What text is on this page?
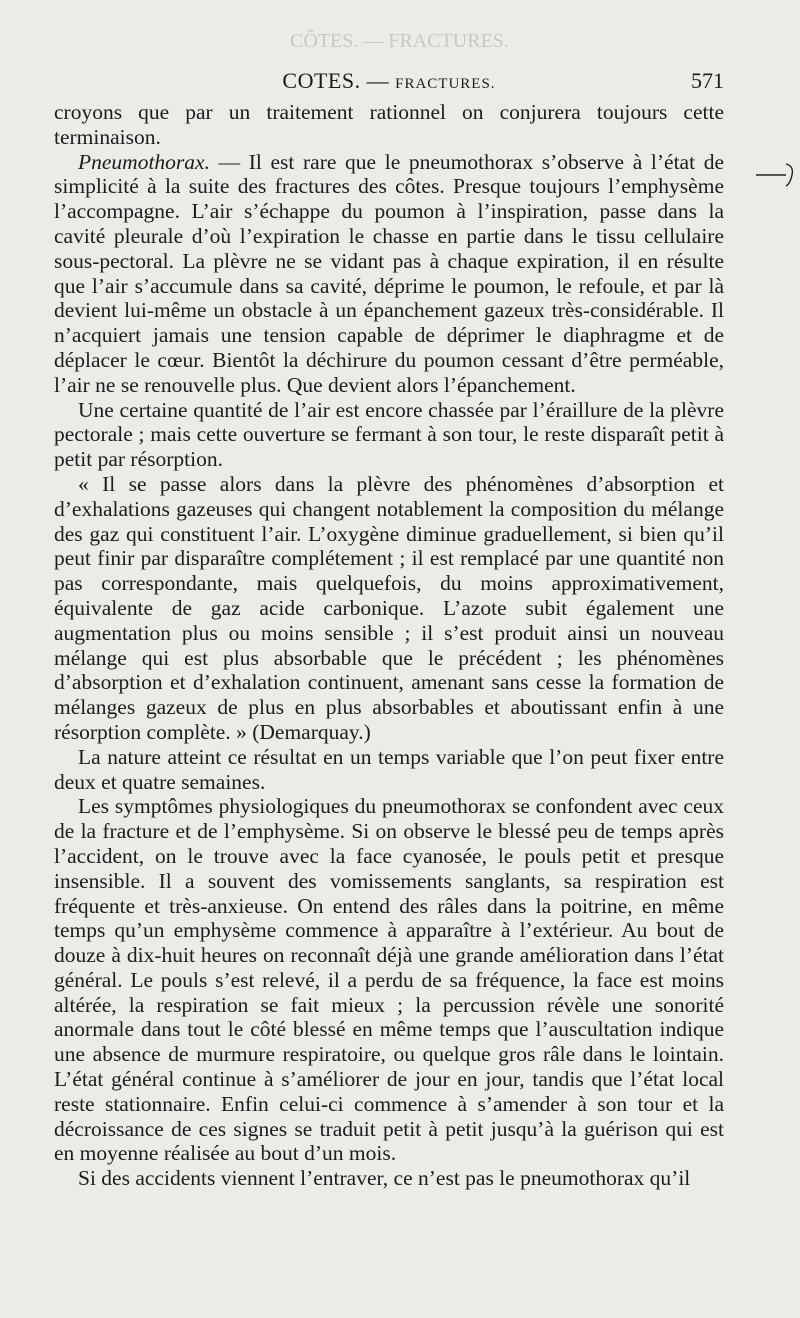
CÔTES. — FRACTURES.
COTES. — FRACTURES.	571

croyons que par un traitement rationnel on conjurera toujours cette terminaison.

Pneumothorax. — Il est rare que le pneumothorax s’observe à l’état de simplicité à la suite des fractures des côtes. Presque toujours l’emphysème l’accompagne. L’air s’échappe du poumon à l’inspiration, passe dans la cavité pleurale d’où l’expiration le chasse en partie dans le tissu cellulaire sous-pectoral. La plèvre ne se vidant pas à chaque expiration, il en résulte que l’air s’accumule dans sa cavité, déprime le poumon, le refoule, et par là devient lui-même un obstacle à un épanchement gazeux très-considérable. Il n’acquiert jamais une tension capable de déprimer le diaphragme et de déplacer le cœur. Bientôt la déchirure du poumon cessant d’être perméable, l’air ne se renouvelle plus. Que devient alors l’épanchement.

Une certaine quantité de l’air est encore chassée par l’éraillure de la plèvre pectorale ; mais cette ouverture se fermant à son tour, le reste disparaît petit à petit par résorption.

« Il se passe alors dans la plèvre des phénomènes d’absorption et d’exhalations gazeuses qui changent notablement la composition du mélange des gaz qui constituent l’air. L’oxygène diminue graduellement, si bien qu’il peut finir par disparaître complétement ; il est remplacé par une quantité non pas correspondante, mais quelquefois, du moins approximativement, équivalente de gaz acide carbonique. L’azote subit également une augmentation plus ou moins sensible ; il s’est produit ainsi un nouveau mélange qui est plus absorbable que le précédent ; les phénomènes d’absorption et d’exhalation continuent, amenant sans cesse la formation de mélanges gazeux de plus en plus absorbables et aboutissant enfin à une résorption complète. » (Demarquay.)

La nature atteint ce résultat en un temps variable que l’on peut fixer entre deux et quatre semaines.

Les symptômes physiologiques du pneumothorax se confondent avec ceux de la fracture et de l’emphysème. Si on observe le blessé peu de temps après l’accident, on le trouve avec la face cyanosée, le pouls petit et presque insensible. Il a souvent des vomissements sanglants, sa respiration est fréquente et très-anxieuse. On entend des râles dans la poitrine, en même temps qu’un emphysème commence à apparaître à l’extérieur. Au bout de douze à dix-huit heures on reconnaît déjà une grande amélioration dans l’état général. Le pouls s’est relevé, il a perdu de sa fréquence, la face est moins altérée, la respiration se fait mieux ; la percussion révèle une sonorité anormale dans tout le côté blessé en même temps que l’auscultation indique une absence de murmure respiratoire, ou quelque gros râle dans le lointain. L’état général continue à s’améliorer de jour en jour, tandis que l’état local reste stationnaire. Enfin celui-ci commence à s’amender à son tour et la décroissance de ces signes se traduit petit à petit jusqu’à la guérison qui est en moyenne réalisée au bout d’un mois.

Si des accidents viennent l’entraver, ce n’est pas le pneumothorax qu’il
